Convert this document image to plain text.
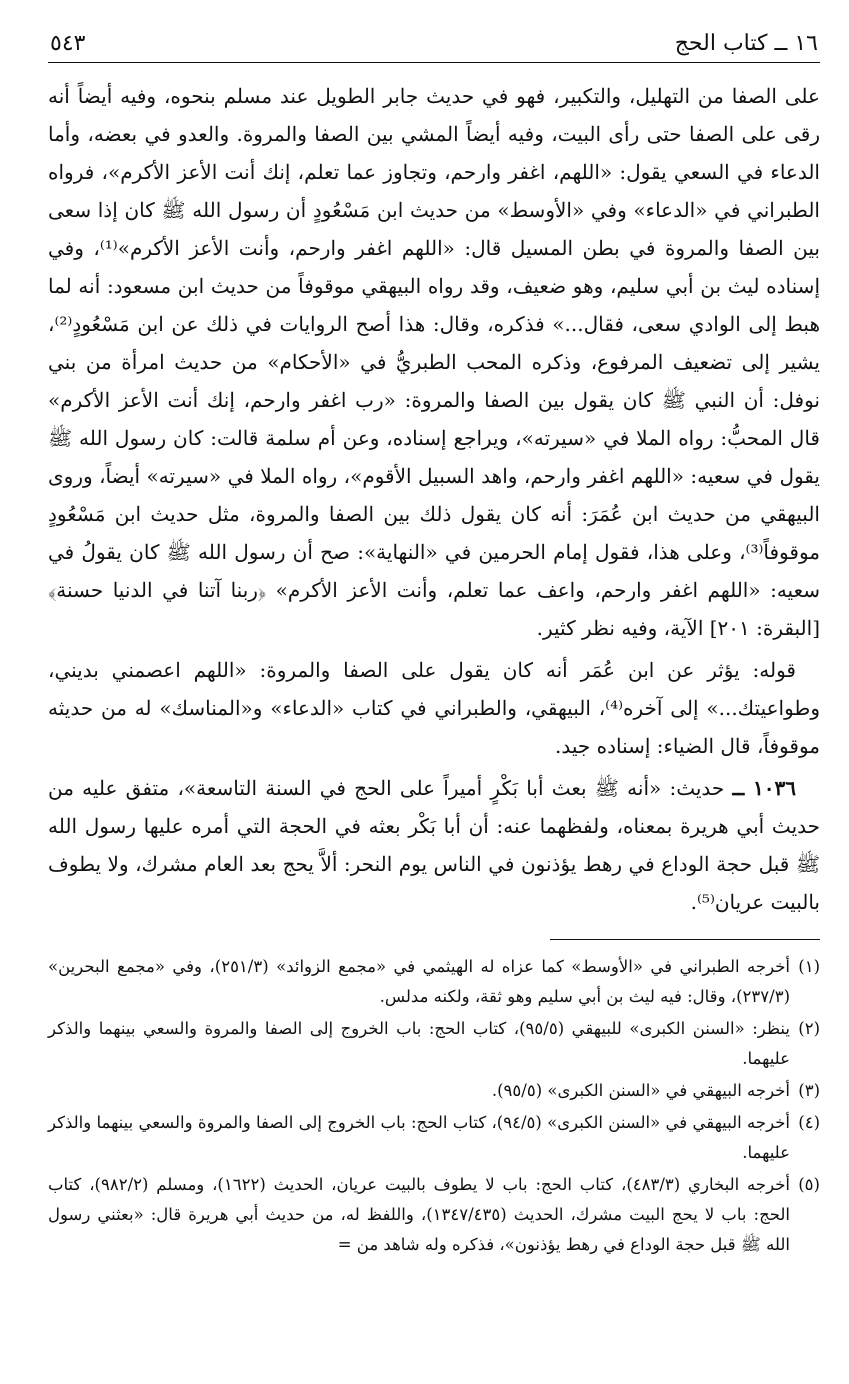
١٦ ــ كتاب الحج
٥٤٣

على الصفا من التهليل، والتكبير، فهو في حديث جابر الطويل عند مسلم بنحوه، وفيه أيضاً أنه رقى على الصفا حتى رأى البيت، وفيه أيضاً المشي بين الصفا والمروة. والعدو في بعضه، وأما الدعاء في السعي يقول: «اللهم، اغفر وارحم، وتجاوز عما تعلم، إنك أنت الأعز الأكرم»، فرواه الطبراني في «الدعاء» وفي «الأوسط» من حديث ابن مَسْعُودٍ أن رسول الله ﷺ كان إذا سعى بين الصفا والمروة في بطن المسيل قال: «اللهم اغفر وارحم، وأنت الأعز الأكرم»⁽¹⁾، وفي إسناده ليث بن أبي سليم، وهو ضعيف، وقد رواه البيهقي موقوفاً من حديث ابن مسعود: أنه لما هبط إلى الوادي سعى، فقال...» فذكره، وقال: هذا أصح الروايات في ذلك عن ابن مَسْعُودٍ⁽²⁾، يشير إلى تضعيف المرفوع، وذكره المحب الطبريُّ في «الأحكام» من حديث امرأة من بني نوفل: أن النبي ﷺ كان يقول بين الصفا والمروة: «رب اغفر وارحم، إنك أنت الأعز الأكرم» قال المحبُّ: رواه الملا في «سيرته»، ويراجع إسناده، وعن أم سلمة قالت: كان رسول الله ﷺ يقول في سعيه: «اللهم اغفر وارحم، واهد السبيل الأقوم»، رواه الملا في «سيرته» أيضاً، وروى البيهقي من حديث ابن عُمَرَ: أنه كان يقول ذلك بين الصفا والمروة، مثل حديث ابن مَسْعُودٍ موقوفاً⁽³⁾، وعلى هذا، فقول إمام الحرمين في «النهاية»: صح أن رسول الله ﷺ كان يقولُ في سعيه: «اللهم اغفر وارحم، واعف عما تعلم، وأنت الأعز الأكرم» ﴿ربنا آتنا في الدنيا حسنة﴾ [البقرة: ٢٠١] الآية، وفيه نظر كثير.

قوله: يؤثر عن ابن عُمَر أنه كان يقول على الصفا والمروة: «اللهم اعصمني بديني، وطواعيتك...» إلى آخره⁽⁴⁾، البيهقي، والطبراني في كتاب «الدعاء» و«المناسك» له من حديثه موقوفاً، قال الضياء: إسناده جيد.

١٠٣٦ ــ حديث: «أنه ﷺ بعث أبا بَكْرٍ أميراً على الحج في السنة التاسعة»، متفق عليه من حديث أبي هريرة بمعناه، ولفظهما عنه: أن أبا بَكْر بعثه في الحجة التي أمره عليها رسول الله ﷺ قبل حجة الوداع في رهط يؤذنون في الناس يوم النحر: ألاَّ يحج بعد العام مشرك، ولا يطوف بالبيت عريان⁽⁵⁾.

(١)أخرجه الطبراني في «الأوسط» كما عزاه له الهيثمي في «مجمع الزوائد» (٢٥١/٣)، وفي «مجمع البحرين» (٢٣٧/٣)، وقال: فيه ليث بن أبي سليم وهو ثقة، ولكنه مدلس.

(٢)ينظر: «السنن الكبرى» للبيهقي (٩٥/٥)، كتاب الحج: باب الخروج إلى الصفا والمروة والسعي بينهما والذكر عليهما.

(٣)أخرجه البيهقي في «السنن الكبرى» (٩٥/٥).

(٤)أخرجه البيهقي في «السنن الكبرى» (٩٤/٥)، كتاب الحج: باب الخروج إلى الصفا والمروة والسعي بينهما والذكر عليهما.

(٥)أخرجه البخاري (٤٨٣/٣)، كتاب الحج: باب لا يطوف بالبيت عريان، الحديث (١٦٢٢)، ومسلم (٩٨٢/٢)، كتاب الحج: باب لا يحج البيت مشرك، الحديث (١٣٤٧/٤٣٥)، واللفظ له، من حديث أبي هريرة قال: «بعثني رسول الله ﷺ قبل حجة الوداع في رهط يؤذنون»، فذكره وله شاهد من =
